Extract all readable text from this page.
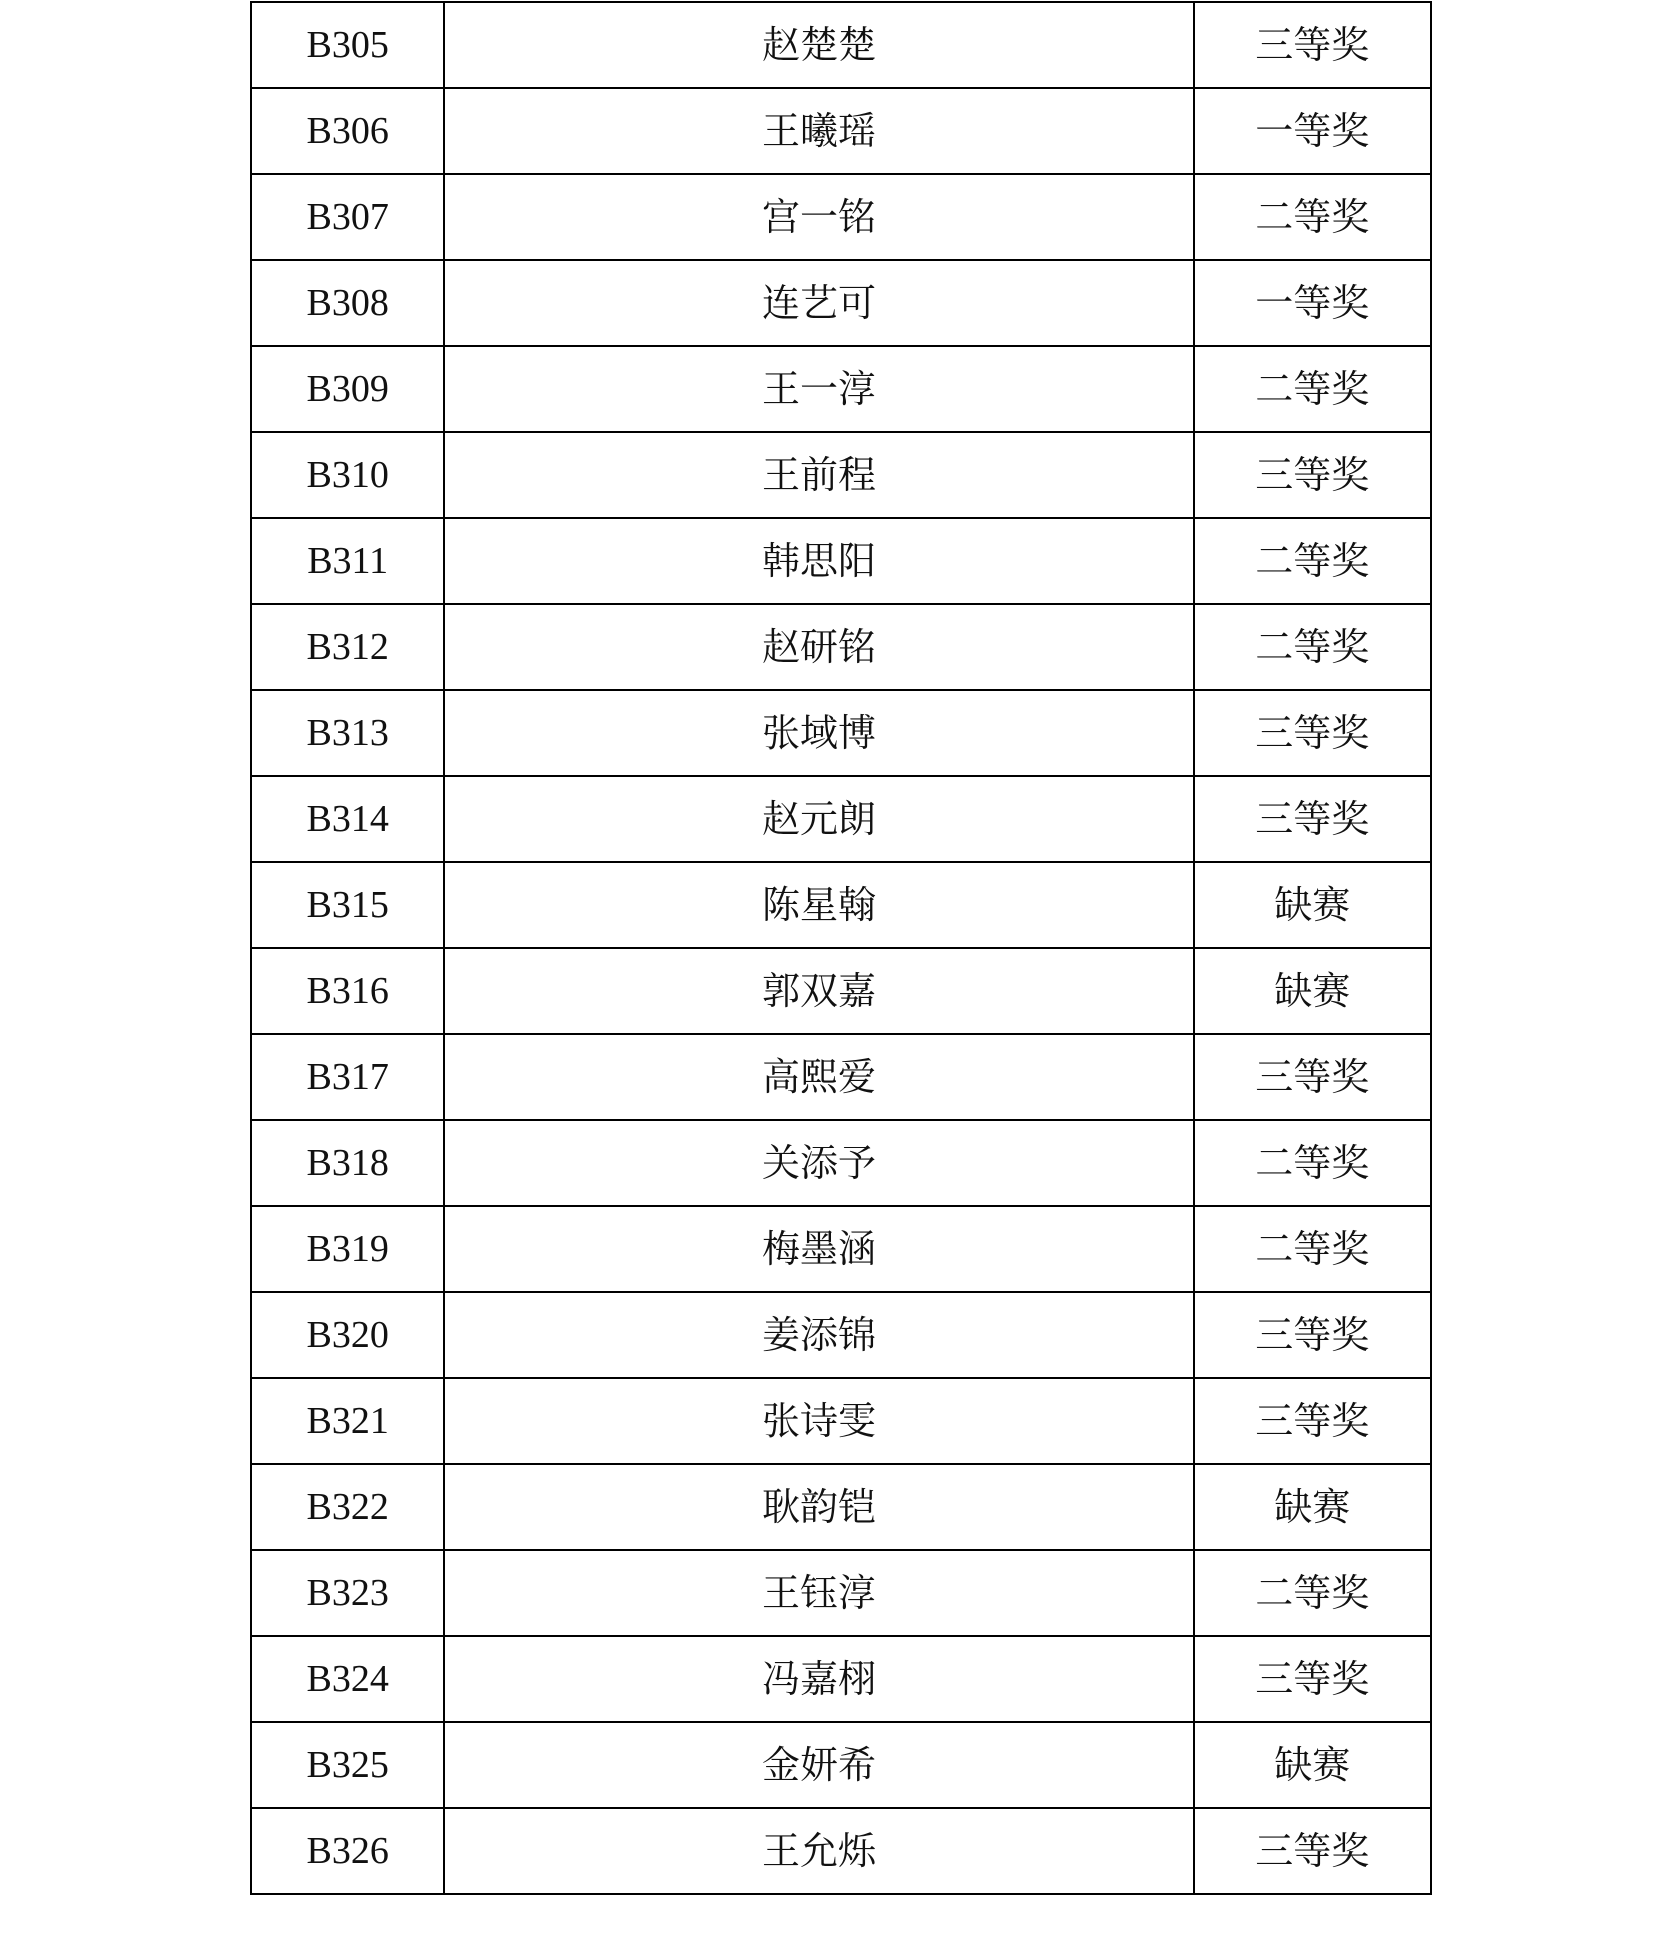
B305	赵楚楚	三等奖
B306	王曦瑶	一等奖
B307	宫一铭	二等奖
B308	连艺可	一等奖
B309	王一淳	二等奖
B310	王前程	三等奖
B311	韩思阳	二等奖
B312	赵研铭	二等奖
B313	张域博	三等奖
B314	赵元朗	三等奖
B315	陈星翰	缺赛
B316	郭双嘉	缺赛
B317	高熙爱	三等奖
B318	关添予	二等奖
B319	梅墨涵	二等奖
B320	姜添锦	三等奖
B321	张诗雯	三等奖
B322	耿韵铠	缺赛
B323	王钰淳	二等奖
B324	冯嘉栩	三等奖
B325	金妍希	缺赛
B326	王允烁	三等奖
